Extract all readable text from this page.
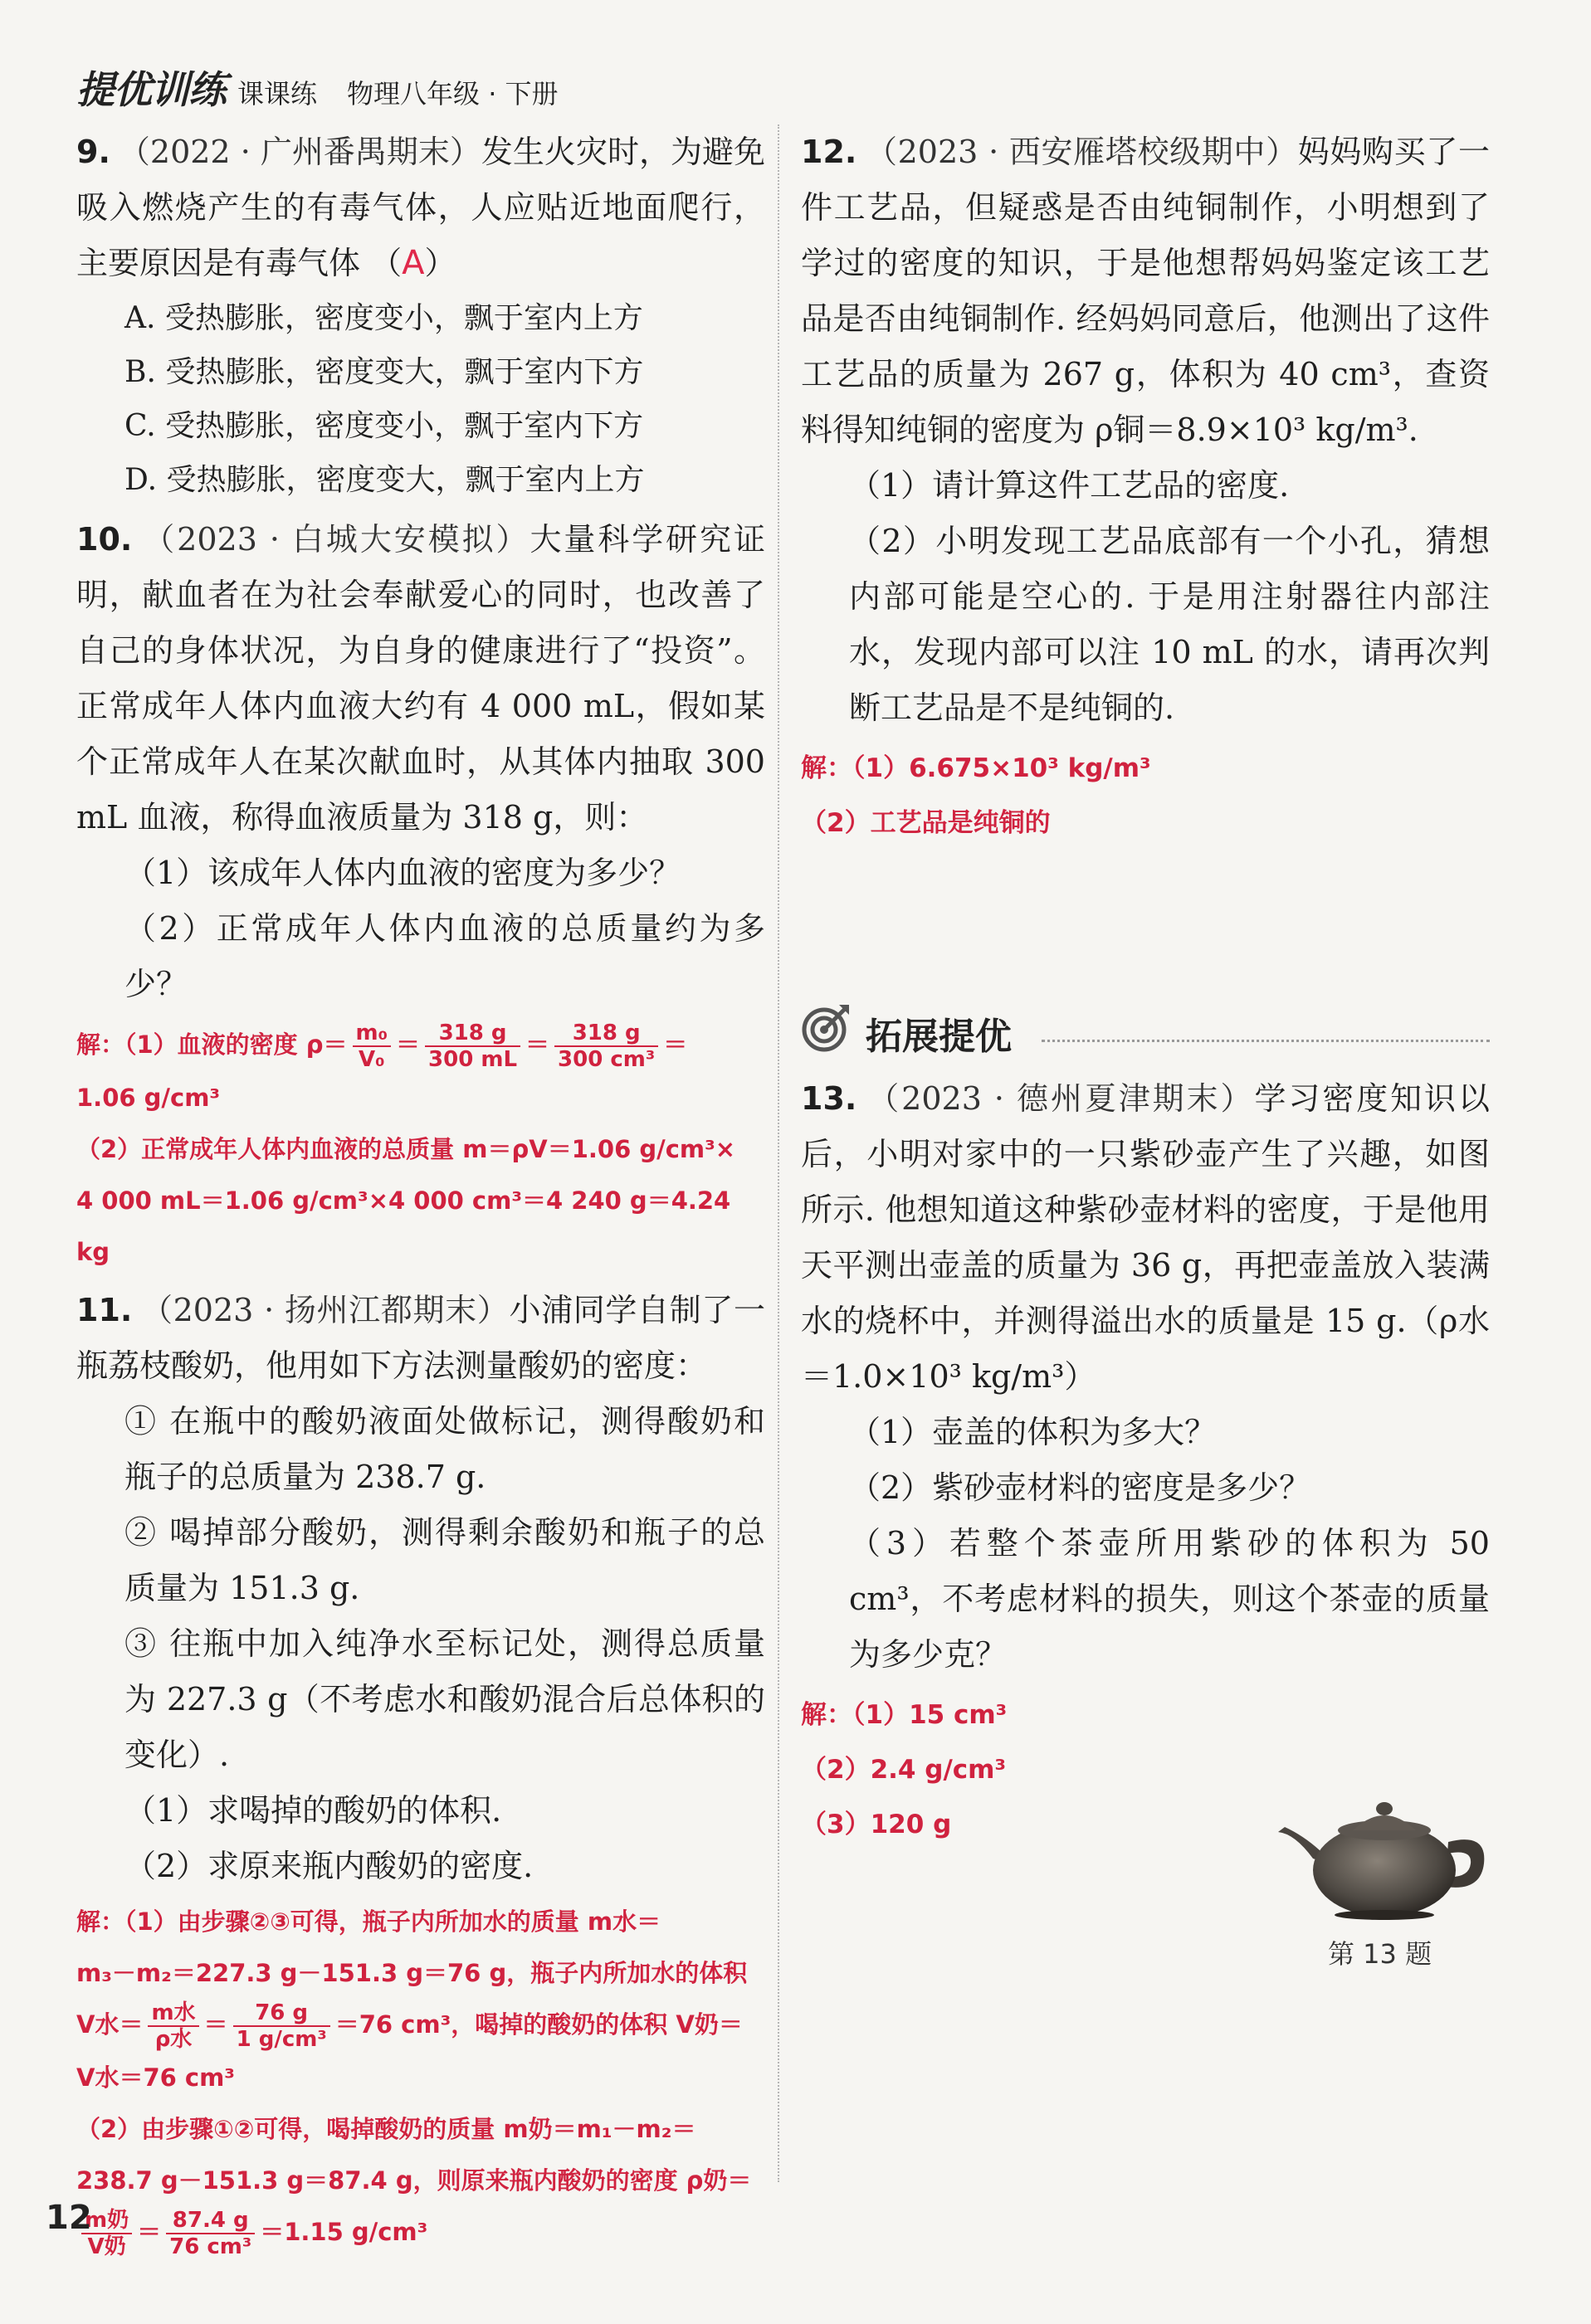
提优训练 课课练 物理八年级 · 下册
9. （2022 · 广州番禺期末）发生火灾时，为避免吸入燃烧产生的有毒气体，人应贴近地面爬行，主要原因是有毒气体 （A）
A. 受热膨胀，密度变小，飘于室内上方
B. 受热膨胀，密度变大，飘于室内下方
C. 受热膨胀，密度变小，飘于室内下方
D. 受热膨胀，密度变大，飘于室内上方
10. （2023 · 白城大安模拟）大量科学研究证明，献血者在为社会奉献爱心的同时，也改善了自己的身体状况，为自身的健康进行了“投资”。正常成年人体内血液大约有 4 000 mL，假如某个正常成年人在某次献血时，从其体内抽取 300 mL 血液，称得血液质量为 318 g，则：
（1）该成年人体内血液的密度为多少？
（2）正常成年人体内血液的总质量约为多少？
解：（1）血液的密度 $\rho= \frac{\text{m₀}}{\text{V₀}} = \frac{318 g}{300 mL} = \frac{318 g}{\text{300 cm³}}$ ＝
1.06 g/cm³
（2）正常成年人体内血液的总质量 m＝ρV＝1.06 g/cm³×
4 000 mL＝1.06 g/cm³×4 000 cm³＝4 240 g＝4.24 kg
11. （2023 · 扬州江都期末）小浦同学自制了一瓶荔枝酸奶，他用如下方法测量酸奶的密度：
① 在瓶中的酸奶液面处做标记，测得酸奶和瓶子的总质量为 238.7 g.
② 喝掉部分酸奶，测得剩余酸奶和瓶子的总质量为 151.3 g.
③ 往瓶中加入纯净水至标记处，测得总质量为 227.3 g（不考虑水和酸奶混合后总体积的变化）.
（1）求喝掉的酸奶的体积.
（2）求原来瓶内酸奶的密度.
解：（1）由步骤②③可得，瓶子内所加水的质量 m水＝
m₃－m₂＝227.3 g－151.3 g＝76 g，瓶子内所加水的体积
V水＝ $\frac{\text{m水}}{\text{ρ水}} = \frac{76 g}{\text{1 g/cm³}} =76$ cm³，喝掉的酸奶的体积 V奶＝
V水＝76 cm³
（2）由步骤①②可得，喝掉酸奶的质量 m奶＝m₁－m₂＝
238.7 g－151.3 g＝87.4 g，则原来瓶内酸奶的密度 ρ奶＝
$\frac{\text{m奶}}{\text{V奶}} = \frac{87.4 g}{\text{76 cm³}} =1.15$ g/cm³
12. （2023 · 西安雁塔校级期中）妈妈购买了一件工艺品，但疑惑是否由纯铜制作，小明想到了学过的密度的知识，于是他想帮妈妈鉴定该工艺品是否由纯铜制作. 经妈妈同意后，他测出了这件工艺品的质量为 267 g，体积为 40 cm³，查资料得知纯铜的密度为 ρ铜＝8.9×10³ kg/m³.
（1）请计算这件工艺品的密度.
（2）小明发现工艺品底部有一个小孔，猜想内部可能是空心的. 于是用注射器往内部注水，发现内部可以注 10 mL 的水，请再次判断工艺品是不是纯铜的.
解：（1）6.675×10³ kg/m³
（2）工艺品是纯铜的
拓展提优
13. （2023 · 德州夏津期末）学习密度知识以后，小明对家中的一只紫砂壶产生了兴趣，如图所示. 他想知道这种紫砂壶材料的密度，于是他用天平测出壶盖的质量为 36 g，再把壶盖放入装满水的烧杯中，并测得溢出水的质量是 15 g.（ρ水＝1.0×10³ kg/m³）
（1）壶盖的体积为多大？
（2）紫砂壶材料的密度是多少？
（3）若整个茶壶所用紫砂的体积为 50 cm³，不考虑材料的损失，则这个茶壶的质量为多少克？
解：（1）15 cm³
（2）2.4 g/cm³
（3）120 g
第 13 题
12
